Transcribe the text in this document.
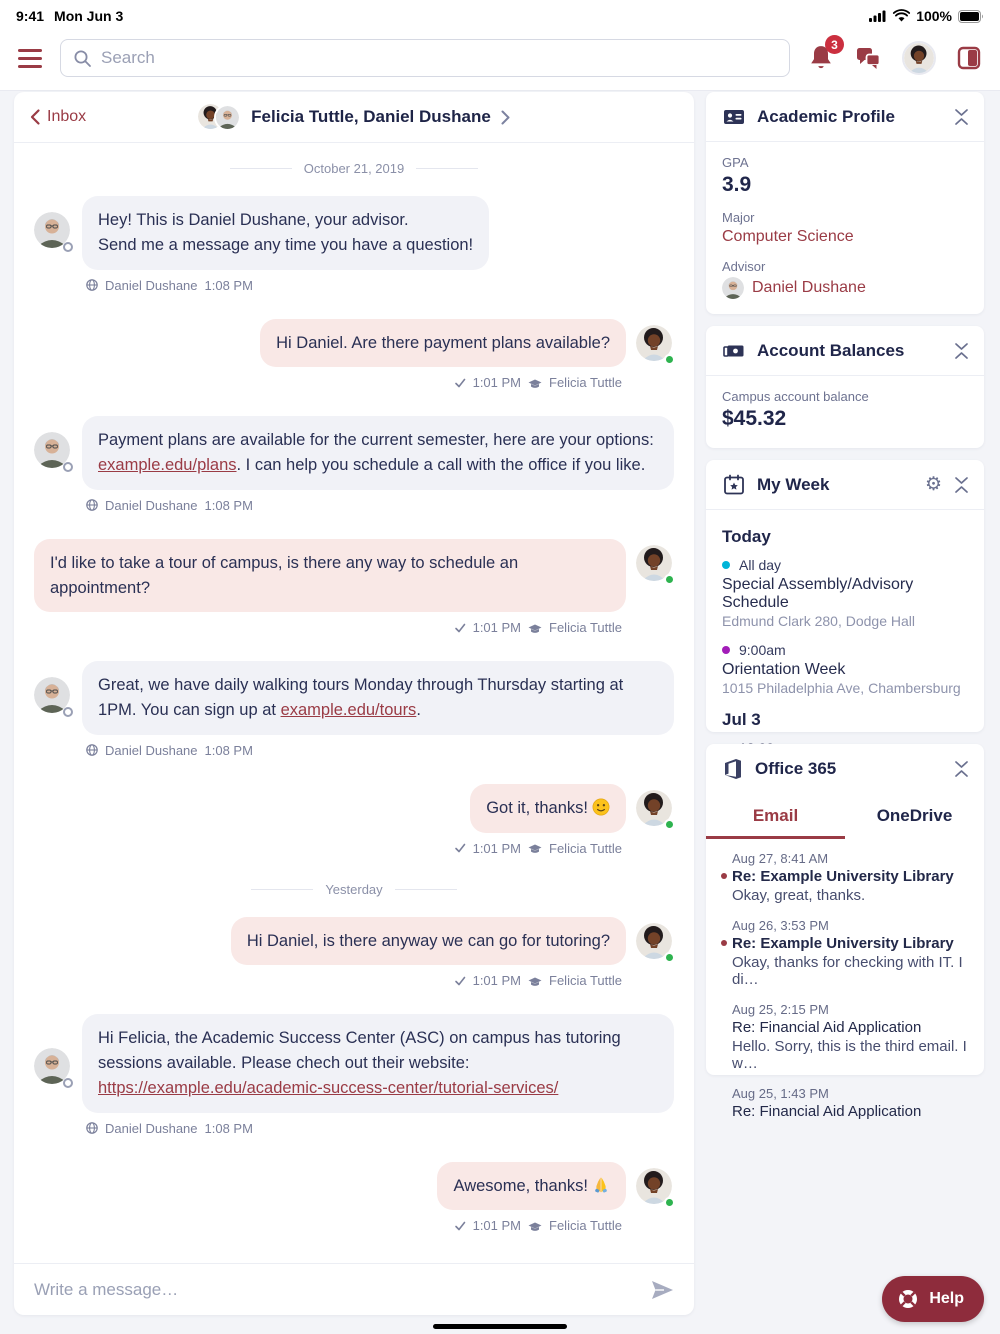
9:41 Mon Jun 3	100%
Search
3
Inbox	Felicia Tuttle, Daniel Dushane
October 21, 2019
Hey! This is Daniel Dushane, your advisor.
Send me a message any time you have a question!
Daniel Dushane 1:08 PM
Hi Daniel. Are there payment plans available?
1:01 PM Felicia Tuttle
Payment plans are available for the current semester, here are your options: example.edu/plans. I can help you schedule a call with the office if you like.
Daniel Dushane 1:08 PM
I'd like to take a tour of campus, is there any way to schedule an appointment?
1:01 PM Felicia Tuttle
Great, we have daily walking tours Monday through Thursday starting at 1PM. You can sign up at example.edu/tours.
Daniel Dushane 1:08 PM
Got it, thanks!
1:01 PM Felicia Tuttle
Yesterday
Hi Daniel, is there anyway we can go for tutoring?
1:01 PM Felicia Tuttle
Hi Felicia, the Academic Success Center (ASC) on campus has tutoring sessions available. Please chech out their website: https://example.edu/academic-success-center/tutorial-services/
Daniel Dushane 1:08 PM
Awesome, thanks!
1:01 PM Felicia Tuttle
Write a message…
Academic Profile
GPA
3.9
Major
Computer Science
Advisor
Daniel Dushane
Account Balances
Campus account balance
$45.32
My Week	⚙
Today
All day
Special Assembly/Advisory Schedule
Edmund Clark 280, Dodge Hall
9:00am
Orientation Week
1015 Philadelphia Ave, Chambersburg
Jul 3
Office 365
Email	OneDrive
Aug 27, 8:41 AM
Re: Example University Library
Okay, great, thanks.
Aug 26, 3:53 PM
Re: Example University Library
Okay, thanks for checking with IT. I di…
Aug 25, 2:15 PM
Re: Financial Aid Application
Hello. Sorry, this is the third email. I w…
Aug 25, 1:43 PM
Re: Financial Aid Application
Help
